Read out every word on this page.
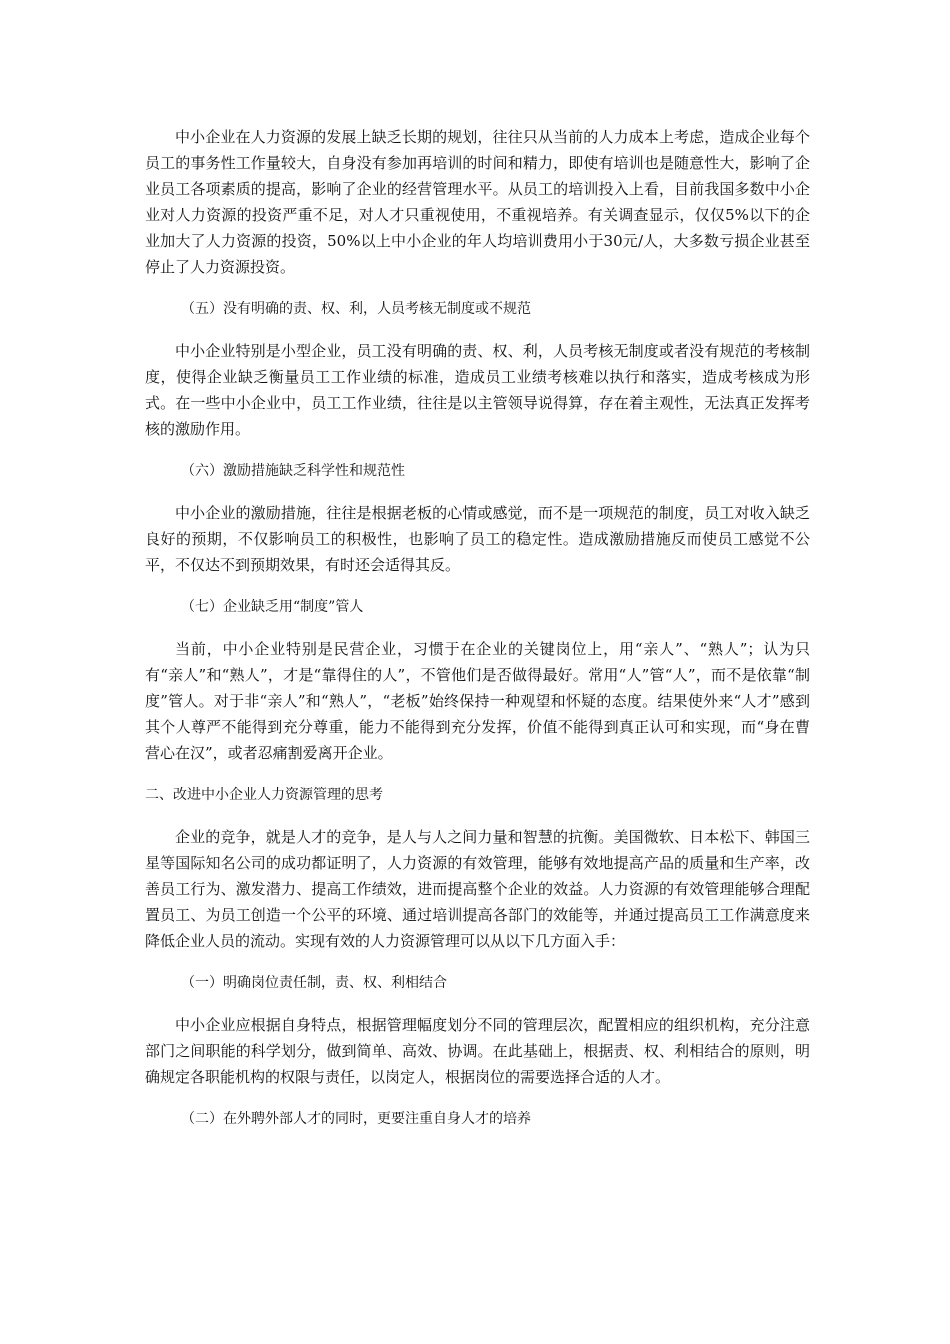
中小企业在人力资源的发展上缺乏长期的规划，往往只从当前的人力成本上考虑，造成企业每个员工的事务性工作量较大，自身没有参加再培训的时间和精力，即使有培训也是随意性大，影响了企业员工各项素质的提高，影响了企业的经营管理水平。从员工的培训投入上看，目前我国多数中小企业对人力资源的投资严重不足，对人才只重视使用，不重视培养。有关调查显示，仅仅5%以下的企业加大了人力资源的投资，50%以上中小企业的年人均培训费用小于30元/人，大多数亏损企业甚至停止了人力资源投资。

（五）没有明确的责、权、利，人员考核无制度或不规范

中小企业特别是小型企业，员工没有明确的责、权、利，人员考核无制度或者没有规范的考核制度，使得企业缺乏衡量员工工作业绩的标准，造成员工业绩考核难以执行和落实，造成考核成为形式。在一些中小企业中，员工工作业绩，往往是以主管领导说得算，存在着主观性，无法真正发挥考核的激励作用。

（六）激励措施缺乏科学性和规范性

中小企业的激励措施，往往是根据老板的心情或感觉，而不是一项规范的制度，员工对收入缺乏良好的预期，不仅影响员工的积极性，也影响了员工的稳定性。造成激励措施反而使员工感觉不公平，不仅达不到预期效果，有时还会适得其反。

（七）企业缺乏用“制度”管人

当前，中小企业特别是民营企业，习惯于在企业的关键岗位上，用“亲人”、“熟人”；认为只有“亲人”和“熟人”，才是“靠得住的人”，不管他们是否做得最好。常用“人”管“人”，而不是依靠“制度”管人。对于非“亲人”和“熟人”，“老板”始终保持一种观望和怀疑的态度。结果使外来“人才”感到其个人尊严不能得到充分尊重，能力不能得到充分发挥，价值不能得到真正认可和实现，而“身在曹营心在汉”，或者忍痛割爱离开企业。

二、改进中小企业人力资源管理的思考

企业的竞争，就是人才的竞争，是人与人之间力量和智慧的抗衡。美国微软、日本松下、韩国三星等国际知名公司的成功都证明了，人力资源的有效管理，能够有效地提高产品的质量和生产率，改善员工行为、激发潜力、提高工作绩效，进而提高整个企业的效益。人力资源的有效管理能够合理配置员工、为员工创造一个公平的环境、通过培训提高各部门的效能等，并通过提高员工工作满意度来降低企业人员的流动。实现有效的人力资源管理可以从以下几方面入手：

（一）明确岗位责任制，责、权、利相结合

中小企业应根据自身特点，根据管理幅度划分不同的管理层次，配置相应的组织机构，充分注意部门之间职能的科学划分，做到简单、高效、协调。在此基础上，根据责、权、利相结合的原则，明确规定各职能机构的权限与责任，以岗定人，根据岗位的需要选择合适的人才。

（二）在外聘外部人才的同时，更要注重自身人才的培养
